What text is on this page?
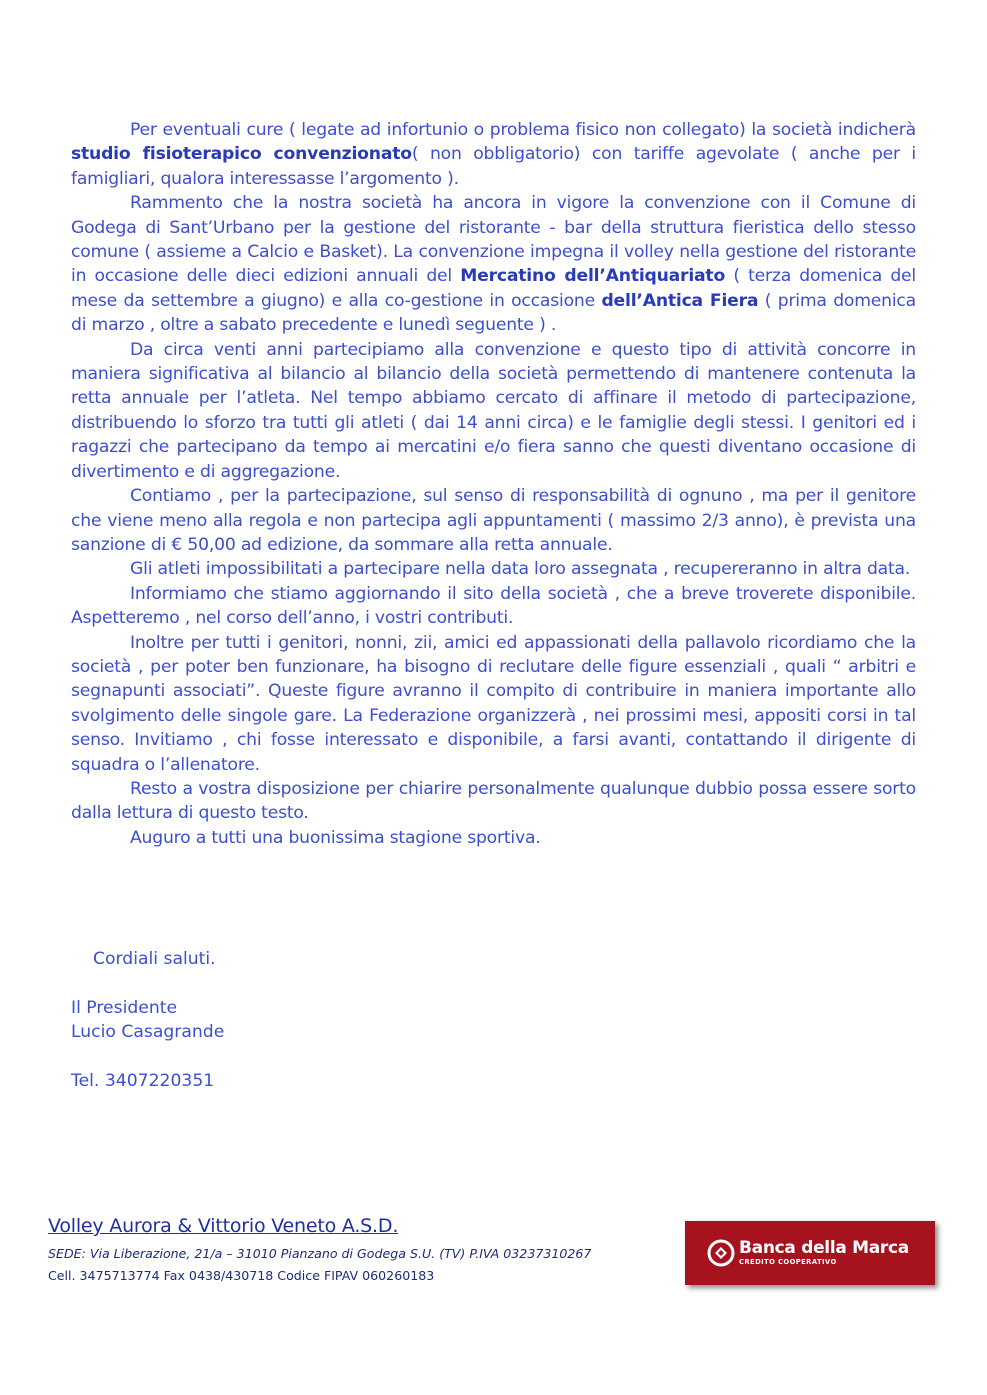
Per eventuali cure ( legate ad infortunio o problema fisico non collegato) la società indicherà studio fisioterapico convenzionato( non obbligatorio) con tariffe agevolate ( anche per i famigliari, qualora interessasse l’argomento ).

Rammento che la nostra società ha ancora in vigore la convenzione con il Comune di Godega di Sant’Urbano per la gestione del ristorante - bar della struttura fieristica dello stesso comune ( assieme a Calcio e Basket). La convenzione impegna il volley nella gestione del ristorante in occasione delle dieci edizioni annuali del Mercatino dell’Antiquariato ( terza domenica del mese da settembre a giugno) e alla co-gestione in occasione dell’Antica Fiera ( prima domenica di marzo , oltre a sabato precedente e lunedì seguente ) .

Da circa venti anni partecipiamo alla convenzione e questo tipo di attività concorre in maniera significativa al bilancio al bilancio della società permettendo di mantenere contenuta la retta annuale per l’atleta. Nel tempo abbiamo cercato di affinare il metodo di partecipazione, distribuendo lo sforzo tra tutti gli atleti ( dai 14 anni circa) e le famiglie degli stessi. I genitori ed i ragazzi che partecipano da tempo ai mercatini e/o fiera sanno che questi diventano occasione di divertimento e di aggregazione.

Contiamo , per la partecipazione, sul senso di responsabilità di ognuno , ma per il genitore che viene meno alla regola e non partecipa agli appuntamenti ( massimo 2/3 anno), è prevista una sanzione di € 50,00 ad edizione, da sommare alla retta annuale.

Gli atleti impossibilitati a partecipare nella data loro assegnata , recupereranno in altra data.

Informiamo che stiamo aggiornando il sito della società , che a breve troverete disponibile. Aspetteremo , nel corso dell’anno, i vostri contributi.

Inoltre per tutti i genitori, nonni, zii, amici ed appassionati della pallavolo ricordiamo che la società , per poter ben funzionare, ha bisogno di reclutare delle figure essenziali , quali “ arbitri e segnapunti associati”. Queste figure avranno il compito di contribuire in maniera importante allo svolgimento delle singole gare. La Federazione organizzerà , nei prossimi mesi, appositi corsi in tal senso. Invitiamo , chi fosse interessato e disponibile, a farsi avanti, contattando il dirigente di squadra o l’allenatore.

Resto a vostra disposizione per chiarire personalmente qualunque dubbio possa essere sorto dalla lettura di questo testo.

Auguro a tutti una buonissima stagione sportiva.

Cordiali saluti.
Il Presidente
Lucio Casagrande
Tel. 3407220351
Volley Aurora & Vittorio Veneto A.S.D.
SEDE: Via Liberazione, 21/a – 31010 Pianzano di Godega S.U. (TV) P.IVA 03237310267
Cell. 3475713774 Fax 0438/430718 Codice FIPAV 060260183
Banca della Marca
CREDITO COOPERATIVO
